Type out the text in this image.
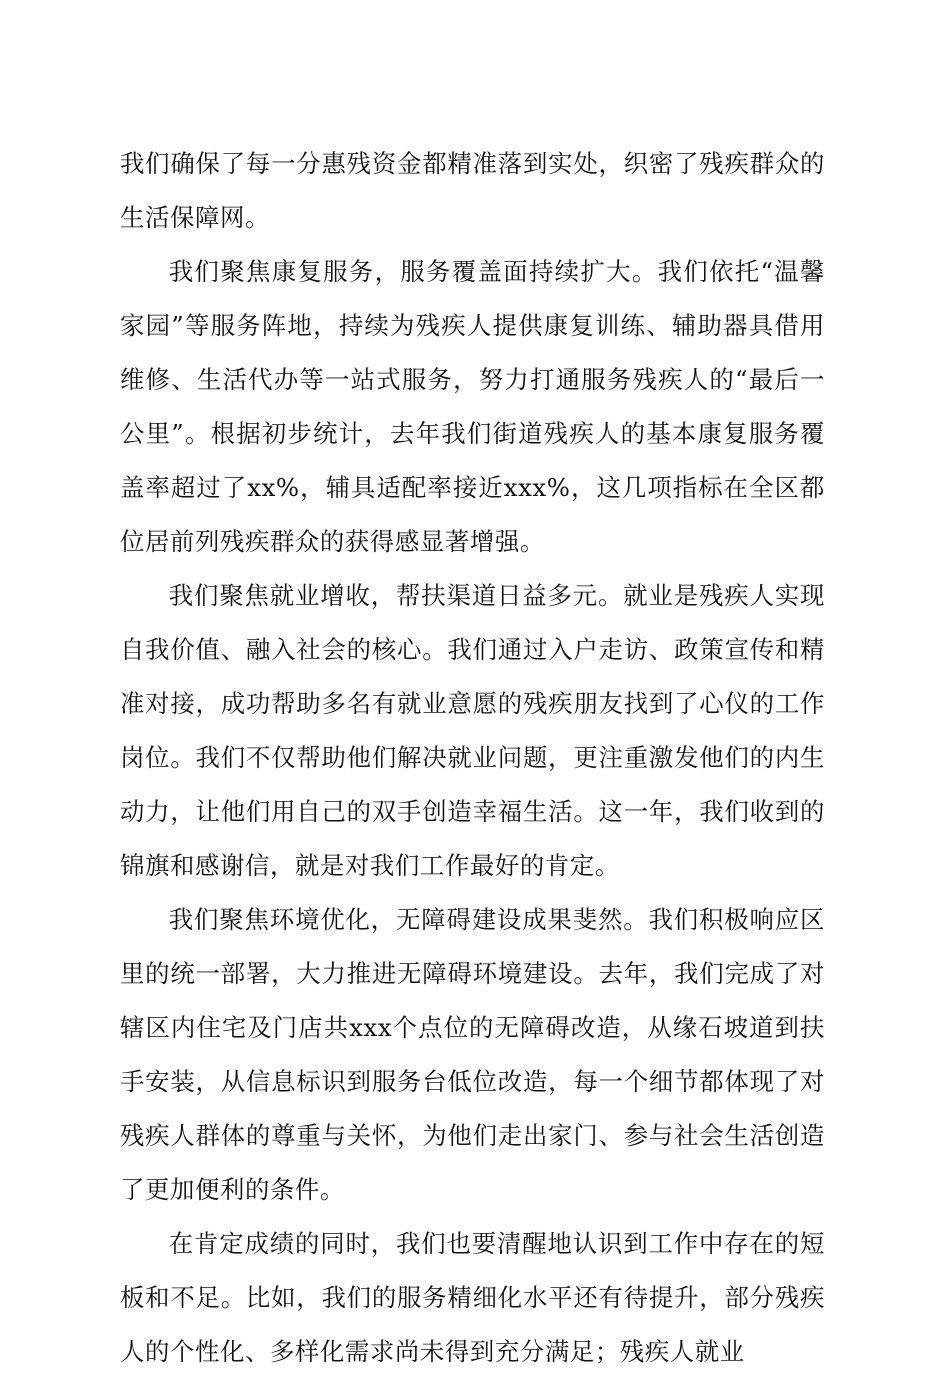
我们确保了每一分惠残资金都精准落到实处，织密了残疾群众的生活保障网。

我们聚焦康复服务，服务覆盖面持续扩大。我们依托“温馨家园”等服务阵地，持续为残疾人提供康复训练、辅助器具借用维修、生活代办等一站式服务，努力打通服务残疾人的“最后一公里”。根据初步统计，去年我们街道残疾人的基本康复服务覆盖率超过了xx%，辅具适配率接近xxx%，这几项指标在全区都位居前列残疾群众的获得感显著增强。

我们聚焦就业增收，帮扶渠道日益多元。就业是残疾人实现自我价值、融入社会的核心。我们通过入户走访、政策宣传和精准对接，成功帮助多名有就业意愿的残疾朋友找到了心仪的工作岗位。我们不仅帮助他们解决就业问题，更注重激发他们的内生动力，让他们用自己的双手创造幸福生活。这一年，我们收到的锦旗和感谢信，就是对我们工作最好的肯定。

我们聚焦环境优化，无障碍建设成果斐然。我们积极响应区里的统一部署，大力推进无障碍环境建设。去年，我们完成了对辖区内住宅及门店共xxx个点位的无障碍改造，从缘石坡道到扶手安装，从信息标识到服务台低位改造，每一个细节都体现了对残疾人群体的尊重与关怀，为他们走出家门、参与社会生活创造了更加便利的条件。

在肯定成绩的同时，我们也要清醒地认识到工作中存在的短板和不足。比如，我们的服务精细化水平还有待提升，部分残疾人的个性化、多样化需求尚未得到充分满足；残疾人就业
